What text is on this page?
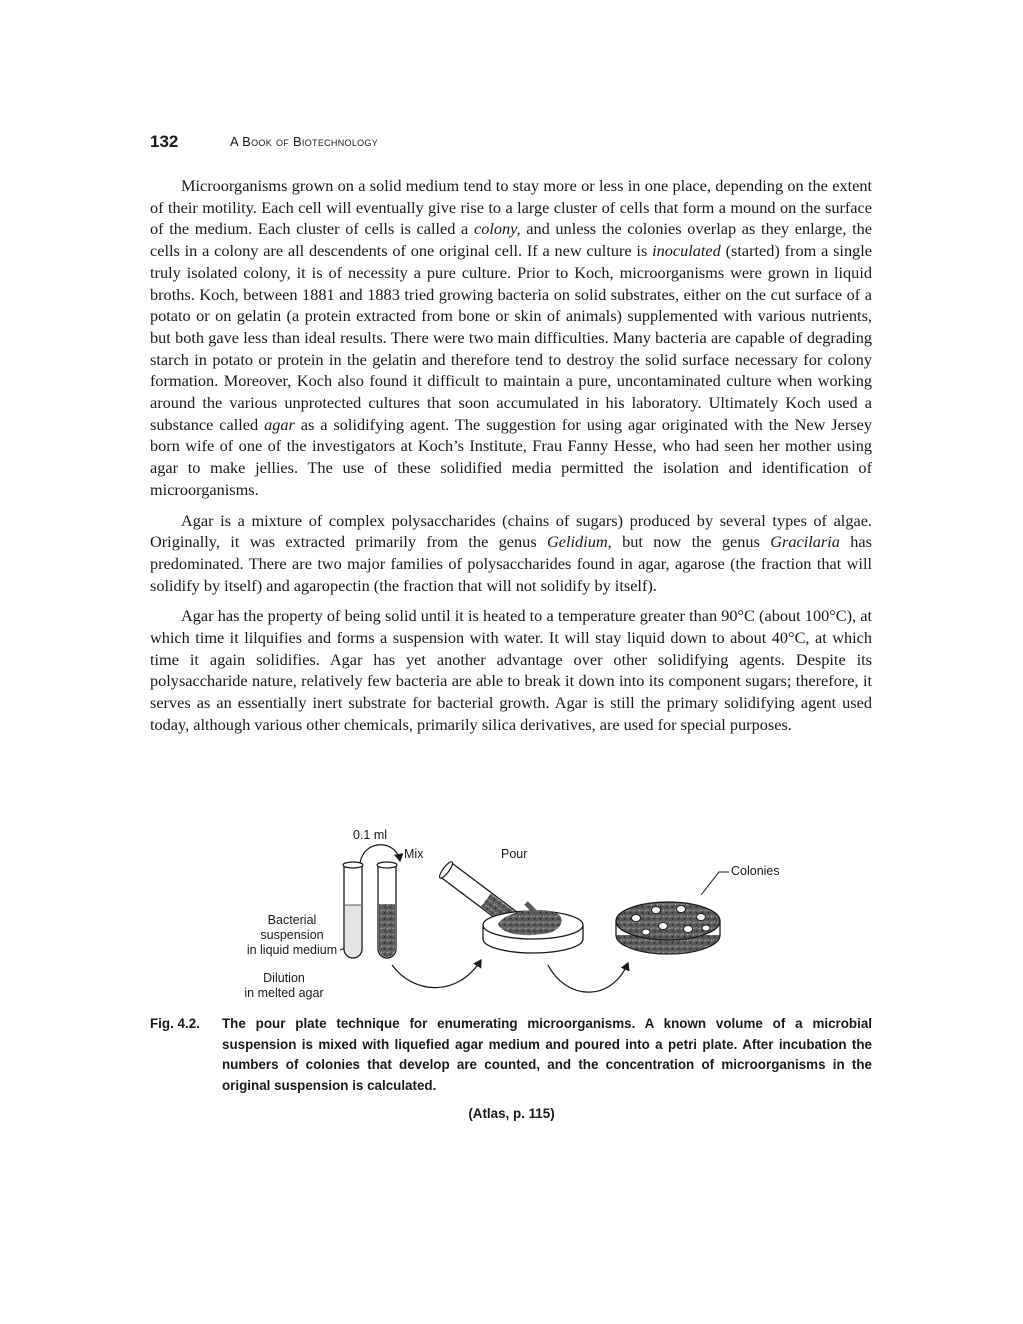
132	A Book of Biotechnology

Microorganisms grown on a solid medium tend to stay more or less in one place, depending on the extent of their motility. Each cell will eventually give rise to a large cluster of cells that form a mound on the surface of the medium. Each cluster of cells is called a colony, and unless the colonies overlap as they enlarge, the cells in a colony are all descendents of one original cell. If a new culture is inoculated (started) from a single truly isolated colony, it is of necessity a pure culture. Prior to Koch, microorganisms were grown in liquid broths. Koch, between 1881 and 1883 tried growing bacteria on solid substrates, either on the cut surface of a potato or on gelatin (a protein extracted from bone or skin of animals) supplemented with various nutrients, but both gave less than ideal results. There were two main difficulties. Many bacteria are capable of degrading starch in potato or protein in the gelatin and therefore tend to destroy the solid surface necessary for colony formation. Moreover, Koch also found it difficult to maintain a pure, uncontaminated culture when working around the various unprotected cultures that soon accumulated in his laboratory. Ultimately Koch used a substance called agar as a solidifying agent. The suggestion for using agar originated with the New Jersey born wife of one of the investigators at Koch’s Institute, Frau Fanny Hesse, who had seen her mother using agar to make jellies. The use of these solidified media permitted the isolation and identification of microorganisms.

Agar is a mixture of complex polysaccharides (chains of sugars) produced by several types of algae. Originally, it was extracted primarily from the genus Gelidium, but now the genus Gracilaria has predominated. There are two major families of polysaccharides found in agar, agarose (the fraction that will solidify by itself) and agaropectin (the fraction that will not solidify by itself).

Agar has the property of being solid until it is heated to a temperature greater than 90°C (about 100°C), at which time it lilquifies and forms a suspension with water. It will stay liquid down to about 40°C, at which time it again solidifies. Agar has yet another advantage over other solidifying agents. Despite its polysaccharide nature, relatively few bacteria are able to break it down into its component sugars; therefore, it serves as an essentially inert substrate for bacterial growth. Agar is still the primary solidifying agent used today, although various other chemicals, primarily silica derivatives, are used for special purposes.

0.1 ml
Mix	Pour
Colonies
Bacterial
suspension
in liquid medium
Dilution
in melted agar
Fig. 4.2. The pour plate technique for enumerating microorganisms. A known volume of a microbial suspension is mixed with liquefied agar medium and poured into a petri plate. After incubation the numbers of colonies that develop are counted, and the concentration of microorganisms in the original suspension is calculated.
(Atlas, p. 115)
